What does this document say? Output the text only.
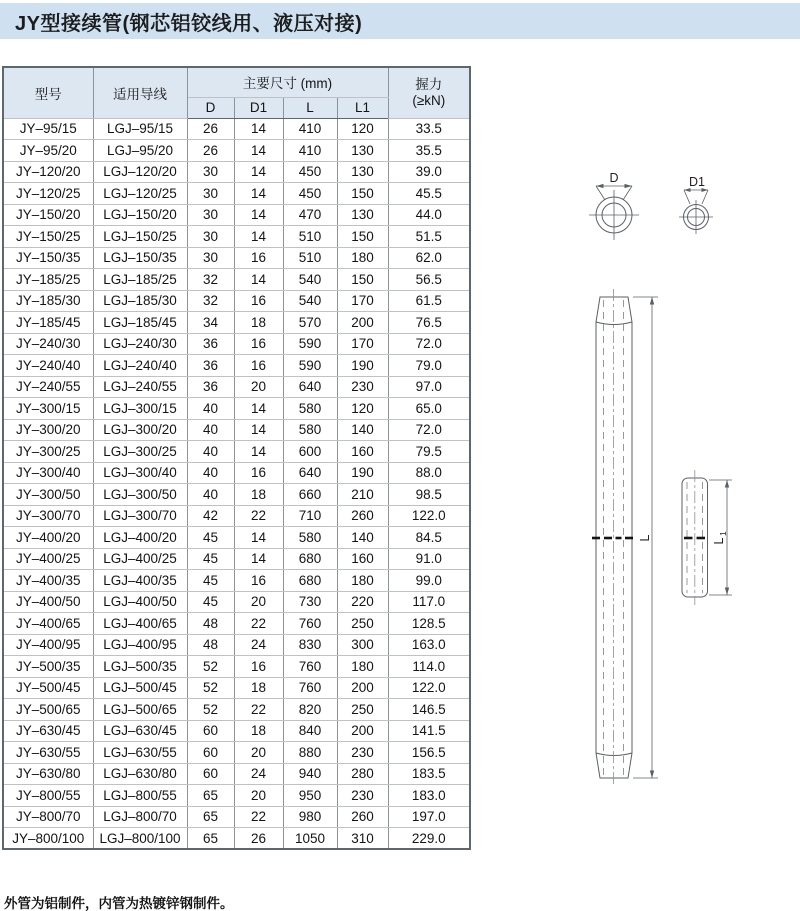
JY型接续管(钢芯铝铰线用、液压对接)
型号	适用导线	主要尺寸 (mm)				握力
(≥kN)

		D	D1	L	L1	
JY–95/15	LGJ–95/15	26	14	410	120	33.5
JY–95/20	LGJ–95/20	26	14	410	130	35.5
JY–120/20	LGJ–120/20	30	14	450	130	39.0
JY–120/25	LGJ–120/25	30	14	450	150	45.5
JY–150/20	LGJ–150/20	30	14	470	130	44.0
JY–150/25	LGJ–150/25	30	14	510	150	51.5
JY–150/35	LGJ–150/35	30	16	510	180	62.0
JY–185/25	LGJ–185/25	32	14	540	150	56.5
JY–185/30	LGJ–185/30	32	16	540	170	61.5
JY–185/45	LGJ–185/45	34	18	570	200	76.5
JY–240/30	LGJ–240/30	36	16	590	170	72.0
JY–240/40	LGJ–240/40	36	16	590	190	79.0
JY–240/55	LGJ–240/55	36	20	640	230	97.0
JY–300/15	LGJ–300/15	40	14	580	120	65.0
JY–300/20	LGJ–300/20	40	14	580	140	72.0
JY–300/25	LGJ–300/25	40	14	600	160	79.5
JY–300/40	LGJ–300/40	40	16	640	190	88.0
JY–300/50	LGJ–300/50	40	18	660	210	98.5
JY–300/70	LGJ–300/70	42	22	710	260	122.0
JY–400/20	LGJ–400/20	45	14	580	140	84.5
JY–400/25	LGJ–400/25	45	14	680	160	91.0
JY–400/35	LGJ–400/35	45	16	680	180	99.0
JY–400/50	LGJ–400/50	45	20	730	220	117.0
JY–400/65	LGJ–400/65	48	22	760	250	128.5
JY–400/95	LGJ–400/95	48	24	830	300	163.0
JY–500/35	LGJ–500/35	52	16	760	180	114.0
JY–500/45	LGJ–500/45	52	18	760	200	122.0
JY–500/65	LGJ–500/65	52	22	820	250	146.5
JY–630/45	LGJ–630/45	60	18	840	200	141.5
JY–630/55	LGJ–630/55	60	20	880	230	156.5
JY–630/80	LGJ–630/80	60	24	940	280	183.5
JY–800/55	LGJ–800/55	65	20	950	230	183.0
JY–800/70	LGJ–800/70	65	22	980	260	197.0
JY–800/100	LGJ–800/100	65	26	1050	310	229.0
D	D1
L	L
1
外管为铝制件，内管为热镀锌钢制件。
